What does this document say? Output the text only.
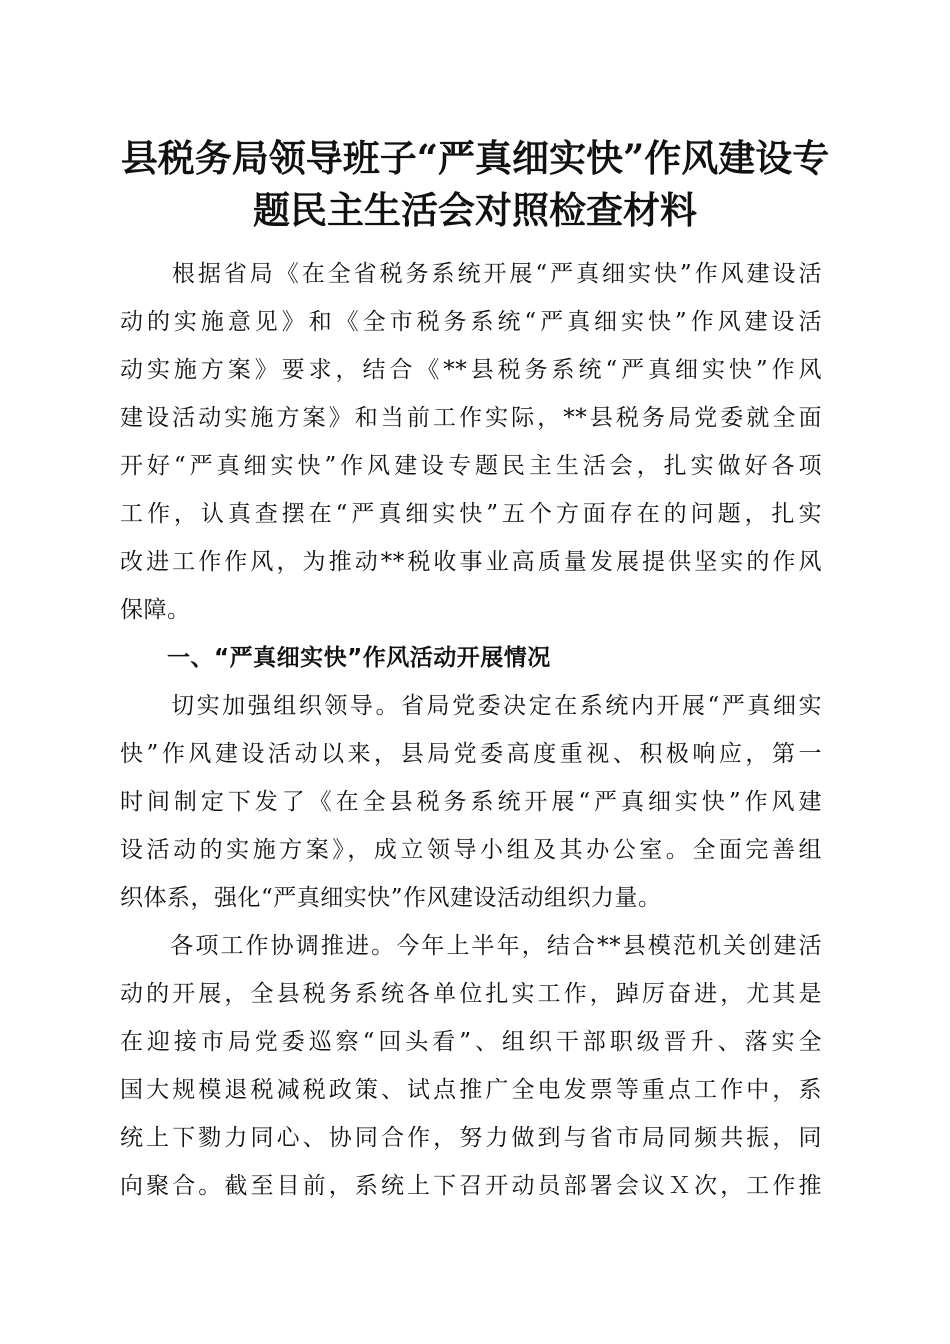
县税务局领导班子“严真细实快”作风建设专
题民主生活会对照检查材料
　　根据省局《在全省税务系统开展“严真细实快”作风建设活
动的实施意见》和《全市税务系统“严真细实快”作风建设活
动实施方案》要求，结合《**县税务系统“严真细实快”作风
建设活动实施方案》和当前工作实际，**县税务局党委就全面
开好“严真细实快”作风建设专题民主生活会，扎实做好各项
工作，认真查摆在“严真细实快”五个方面存在的问题，扎实
改进工作作风，为推动**税收事业高质量发展提供坚实的作风
保障。
　　一、“严真细实快”作风活动开展情况
　　切实加强组织领导。省局党委决定在系统内开展“严真细实
快”作风建设活动以来，县局党委高度重视、积极响应，第一
时间制定下发了《在全县税务系统开展“严真细实快”作风建
设活动的实施方案》，成立领导小组及其办公室。全面完善组
织体系，强化“严真细实快”作风建设活动组织力量。
　　各项工作协调推进。今年上半年，结合**县模范机关创建活
动的开展，全县税务系统各单位扎实工作，踔厉奋进，尤其是
在迎接市局党委巡察“回头看”、组织干部职级晋升、落实全
国大规模退税减税政策、试点推广全电发票等重点工作中，系
统上下勠力同心、协同合作，努力做到与省市局同频共振，同
向聚合。截至目前，系统上下召开动员部署会议Ｘ次，工作推
